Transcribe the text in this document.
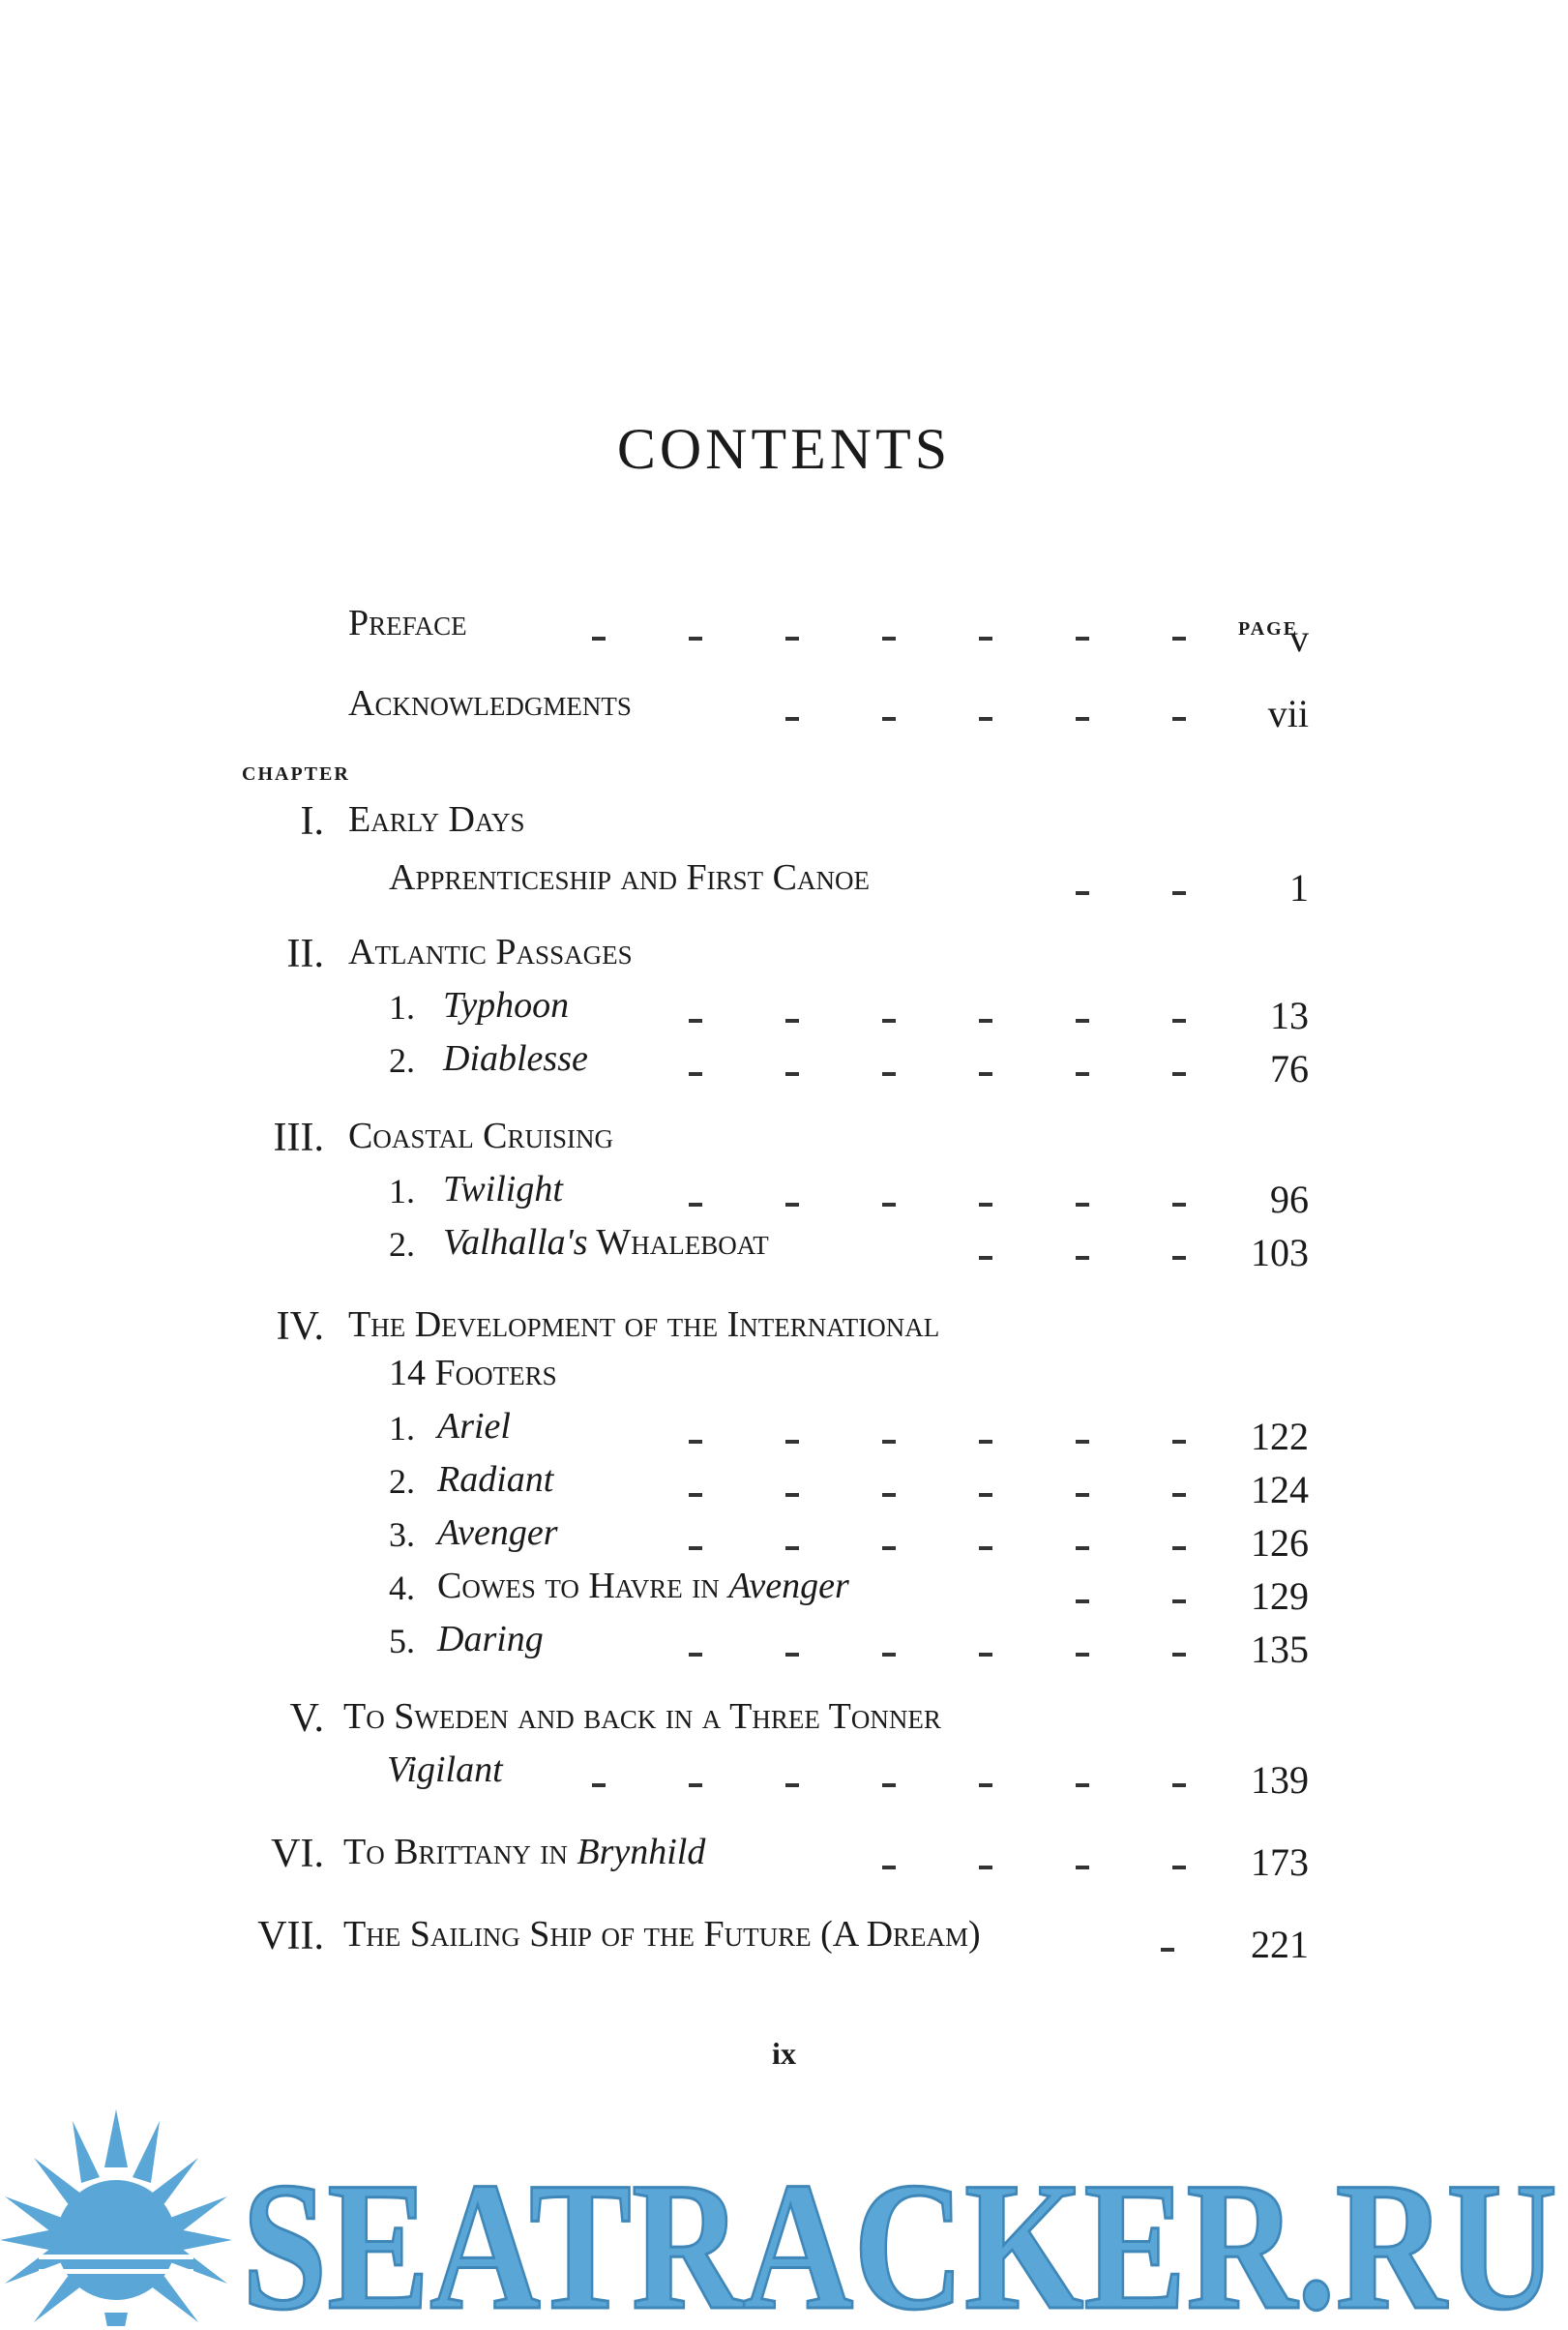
CONTENTS
PAGE
Preface	v
Acknowledgments	vii
CHAPTER
I. Early Days
Apprenticeship and First Canoe	1
II. Atlantic Passages
1. Typhoon	13
2. Diablesse	76
III. Coastal Cruising
1. Twilight	96
2. Valhalla's Whaleboat	103
IV. The Development of the International
14 Footers
1. Ariel	122
2. Radiant	124
3. Avenger	126
4. Cowes to Havre in Avenger	129
5. Daring	135
V. To Sweden and back in a Three Tonner
Vigilant	139
VI. To Brittany in Brynhild	173
VII. The Sailing Ship of the Future (A Dream)	221
ix
SEATRACKER.RU
